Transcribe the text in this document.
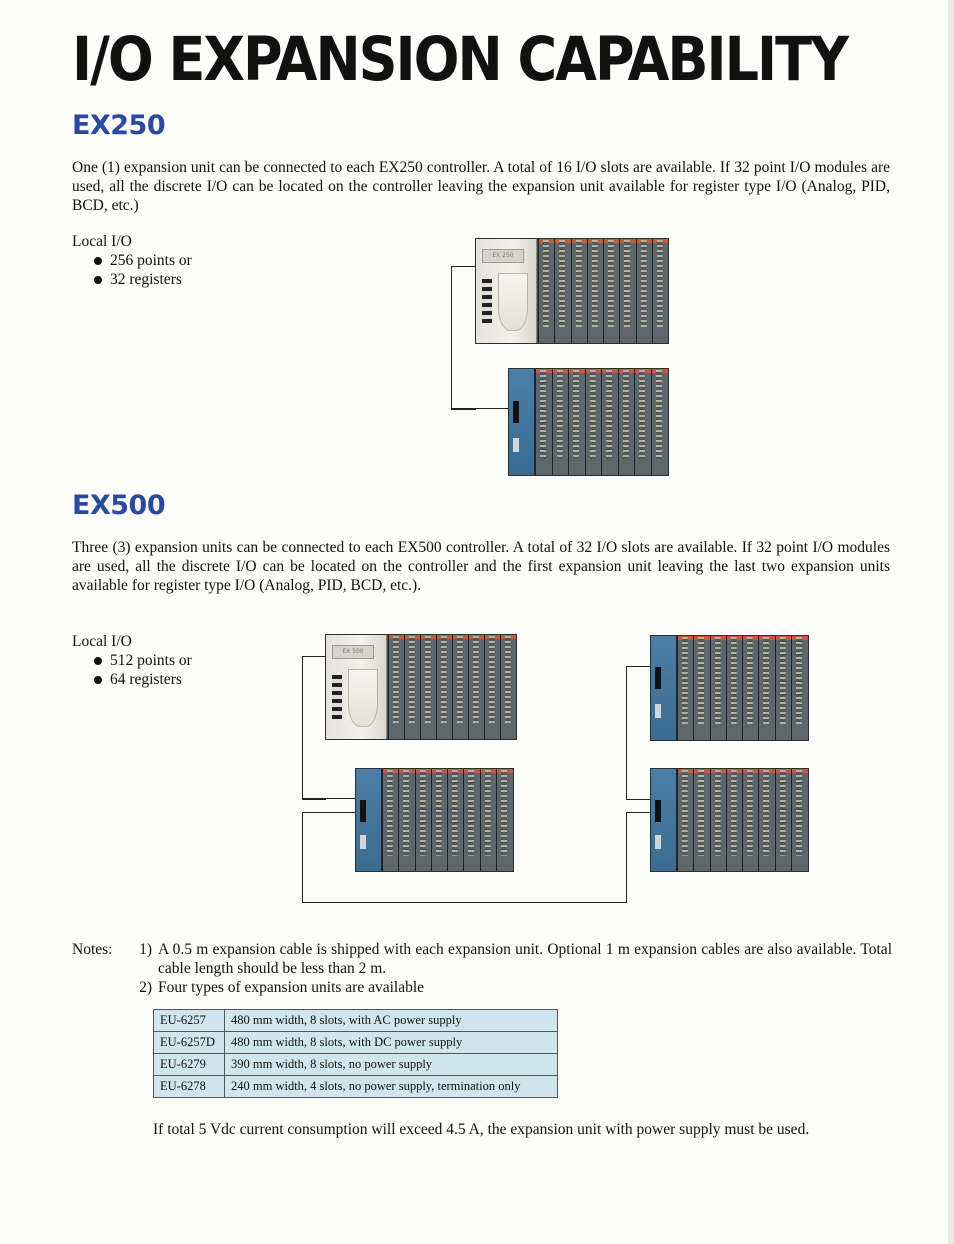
I/O EXPANSION CAPABILITY
EX250

One (1) expansion unit can be connected to each EX250 controller. A total of 16 I/O slots are available. If 32 point I/O modules are used, all the discrete I/O can be located on the controller leaving the expansion unit available for register type I/O (Analog, PID, BCD, etc.)

Local I/O
256 points or
32 registers
EX 250
EX500

Three (3) expansion units can be connected to each EX500 controller. A total of 32 I/O slots are available. If 32 point I/O modules are used, all the discrete I/O can be located on the controller and the first expansion unit leaving the last two expansion units available for register type I/O (Analog, PID, BCD, etc.).

Local I/O
512 points or
64 registers
EX 500
Notes:	1) A 0.5 m expansion cable is shipped with each expansion unit. Optional 1 m expansion cables are also available. Total cable length should be less than 2 m.
2) Four types of expansion units are available
EU-6257	480 mm width, 8 slots, with AC power supply
EU-6257D	480 mm width, 8 slots, with DC power supply
EU-6279	390 mm width, 8 slots, no power supply
EU-6278	240 mm width, 4 slots, no power supply, termination only

If total 5 Vdc current consumption will exceed 4.5 A, the expansion unit with power supply must be used.
